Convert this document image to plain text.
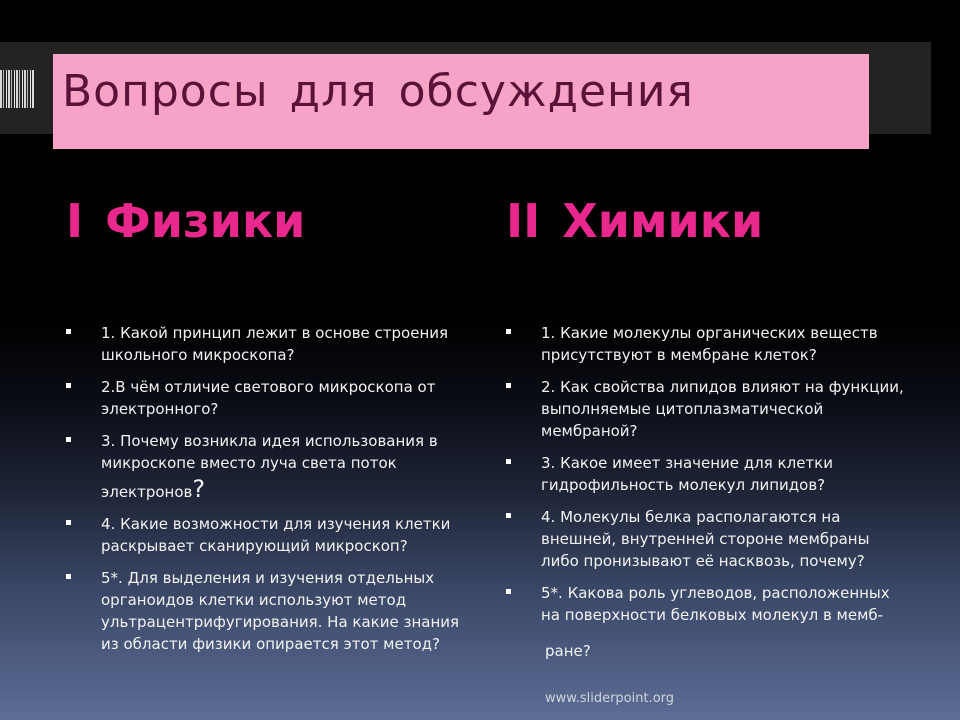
Вопросы для обсуждения
I Физики	II Химики
1. Какой принцип лежит в основе строения школьного микроскопа?
2.В чём отличие светового микроскопа от электронного?
3. Почему возникла идея использования в микроскопе вместо луча света поток
электронов?
4. Какие возможности для изучения клетки раскрывает сканирующий микроскоп?
5*. Для выделения и изучения отдельных органоидов клетки используют метод ультрацентрифугирования. На какие знания из области физики опирается этот метод?
1. Какие молекулы органических веществ присутствуют в мембране клеток?
2. Как свойства липидов влияют на функции, выполняемые цитоплазматической мембраной?
3. Какое имеет значение для клетки гидрофильность молекул липидов?
4. Молекулы белка располагаются на внешней, внутренней стороне мембраны либо пронизывают её насквозь, почему?
5*. Какова роль углеводов, расположенных на поверхности белковых молекул в мемб-
ране?

www.sliderpoint.org
